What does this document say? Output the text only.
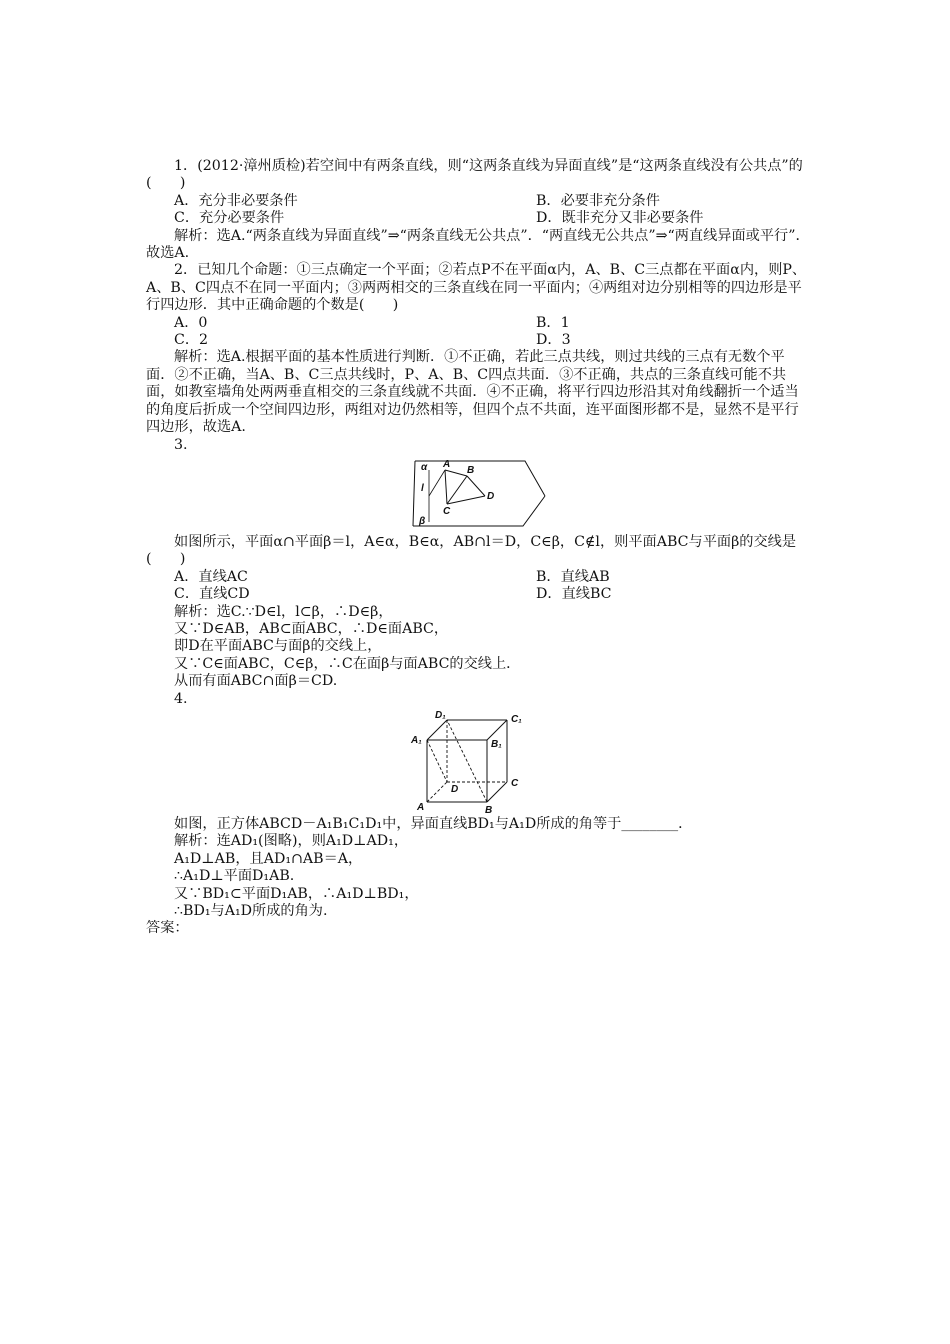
1．(2012·漳州质检)若空间中有两条直线，则“这两条直线为异面直线”是“这两条直线没有公共点”的(　　)

A．充分非必要条件	B．必要非充分条件
C．充分必要条件	D．既非充分又非必要条件

解析：选A.“两条直线为异面直线”⇒“两条直线无公共点”．“两直线无公共点”⇒“两直线异面或平行”．故选A.

2．已知几个命题：①三点确定一个平面；②若点P不在平面α内，A、B、C三点都在平面α内，则P、A、B、C四点不在同一平面内；③两两相交的三条直线在同一平面内；④两组对边分别相等的四边形是平行四边形．其中正确命题的个数是(　　)

A．0	B．1
C．2	D．3

解析：选A.根据平面的基本性质进行判断．①不正确，若此三点共线，则过共线的三点有无数个平面．②不正确，当A、B、C三点共线时，P、A、B、C四点共面．③不正确，共点的三条直线可能不共面，如教室墙角处两两垂直相交的三条直线就不共面．④不正确，将平行四边形沿其对角线翻折一个适当的角度后折成一个空间四边形，两组对边仍然相等，但四个点不共面，连平面图形都不是，显然不是平行四边形，故选A.

3.

α A
B
l
D
C
β

如图所示，平面α∩平面β＝l，A∈α，B∈α，AB∩l＝D，C∈β，C∉l，则平面ABC与平面β的交线是(　　)

A．直线AC	B．直线AB
C．直线CD	D．直线BC
解析：选C.∵D∈l，l⊂β，∴D∈β，
又∵D∈AB，AB⊂面ABC，∴D∈面ABC，
即D在平面ABC与面β的交线上，
又∵C∈面ABC，C∈β，∴C在面β与面ABC的交线上．
从而有面ABC∩面β＝CD.

4.

D₁	C₁
A₁	B₁
D
C
A	B

如图，正方体ABCD－A₁B₁C₁D₁中，异面直线BD₁与A₁D所成的角等于________．

解析：连AD₁(图略)，则A₁D⊥AD₁，
A₁D⊥AB，且AD₁∩AB＝A，
∴A₁D⊥平面D₁AB.
又∵BD₁⊂平面D₁AB，∴A₁D⊥BD₁，
∴BD₁与A₁D所成的角为.

答案：
